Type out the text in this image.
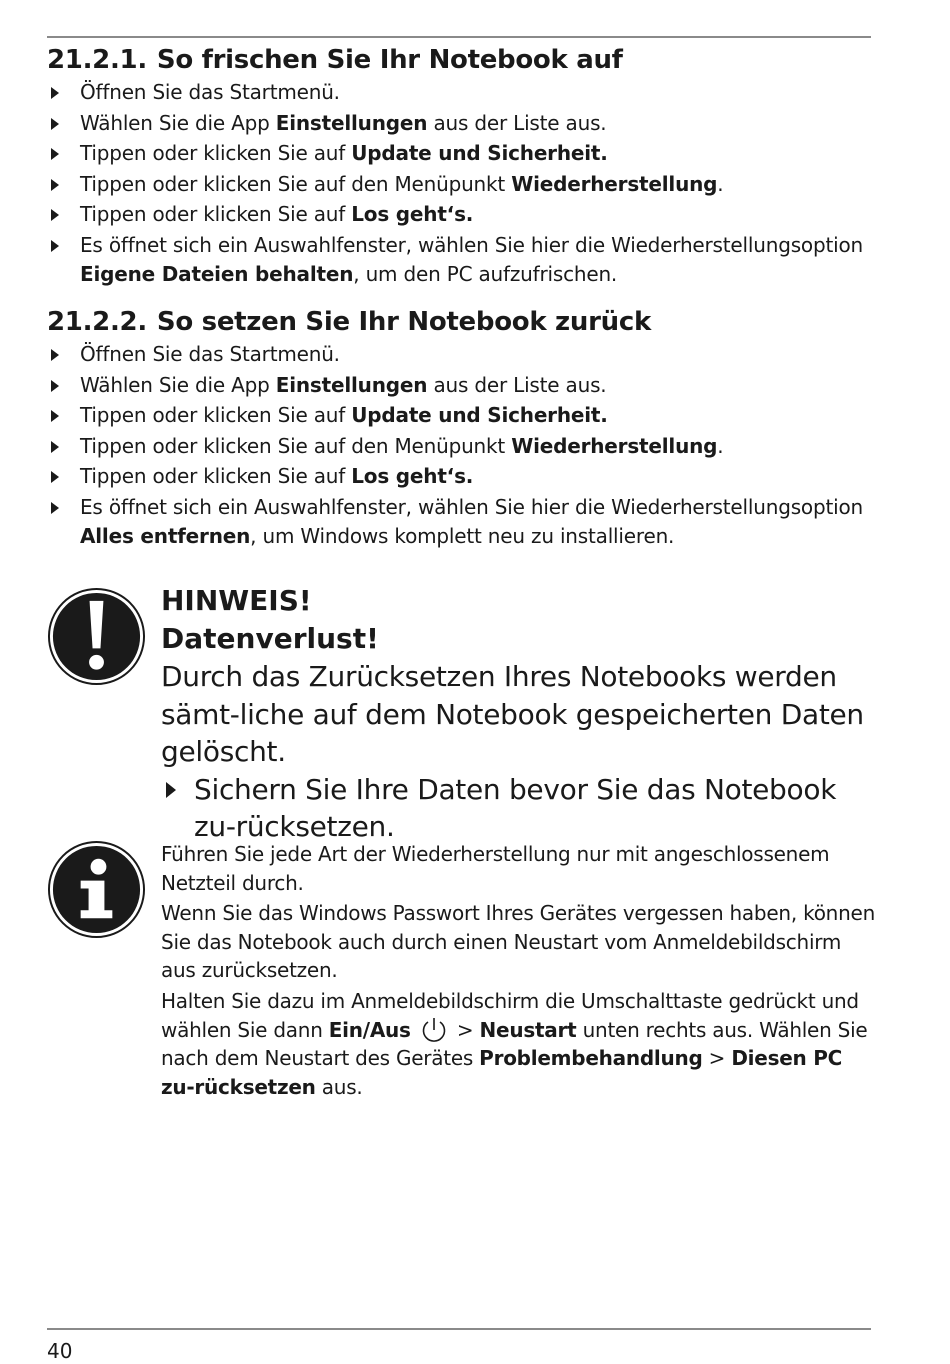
21.2.1. So frischen Sie Ihr Notebook auf
Öffnen Sie das Startmenü.
Wählen Sie die App Einstellungen aus der Liste aus.
Tippen oder klicken Sie auf Update und Sicherheit.
Tippen oder klicken Sie auf den Menüpunkt Wiederherstellung.
Tippen oder klicken Sie auf Los geht‘s.
Es öffnet sich ein Auswahlfenster, wählen Sie hier die Wiederherstellungsoption Eigene Dateien behalten, um den PC aufzufrischen.
21.2.2. So setzen Sie Ihr Notebook zurück
Öffnen Sie das Startmenü.
Wählen Sie die App Einstellungen aus der Liste aus.
Tippen oder klicken Sie auf Update und Sicherheit.
Tippen oder klicken Sie auf den Menüpunkt Wiederherstellung.
Tippen oder klicken Sie auf Los geht‘s.
Es öffnet sich ein Auswahlfenster, wählen Sie hier die Wiederherstellungsoption Alles entfernen, um Windows komplett neu zu installieren.

HINWEIS!

Datenverlust!

Durch das Zurücksetzen Ihres Notebooks werden sämt-liche auf dem Notebook gespeicherten Daten gelöscht.

Sichern Sie Ihre Daten bevor Sie das Notebook zu-rücksetzen.

Führen Sie jede Art der Wiederherstellung nur mit angeschlossenem Netzteil durch.

Wenn Sie das Windows Passwort Ihres Gerätes vergessen haben, können Sie das Notebook auch durch einen Neustart vom Anmeldebildschirm aus zurücksetzen.

Halten Sie dazu im Anmeldebildschirm die Umschalttaste gedrückt und wählen Sie dann Ein/Aus  > Neustart unten rechts aus. Wählen Sie nach dem Neustart des Gerätes Problembehandlung > Diesen PC zu-rücksetzen aus.

40
